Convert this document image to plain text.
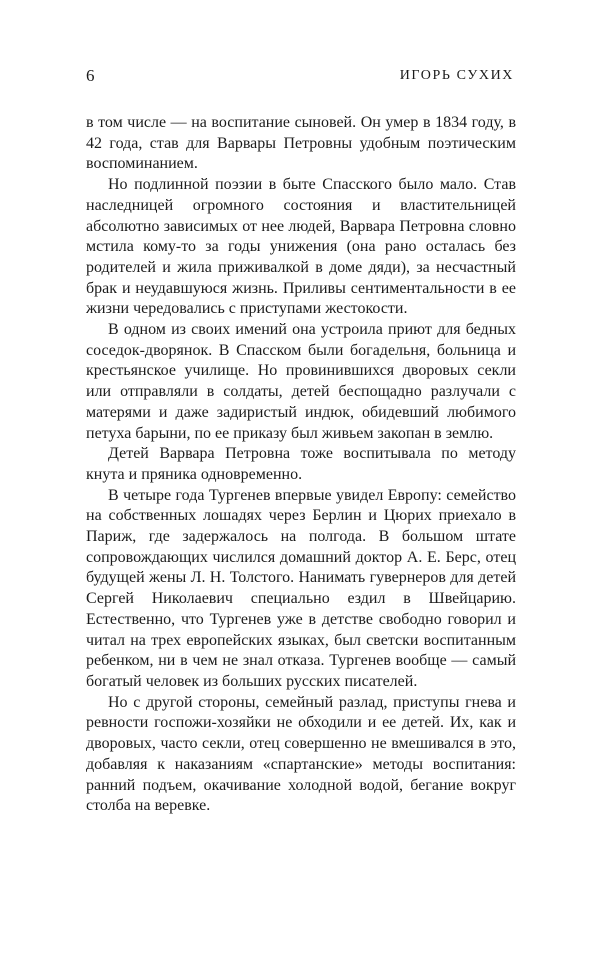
6	ИГОРЬ СУХИХ

в том числе — на воспитание сыновей. Он умер в 1834 году, в 42 года, став для Варвары Петровны удобным поэтическим воспоминанием.

Но подлинной поэзии в быте Спасского было мало. Став наследницей огромного состояния и властительницей абсолютно зависимых от нее людей, Варвара Петровна словно мстила кому-то за годы унижения (она рано осталась без родителей и жила приживалкой в доме дяди), за несчастный брак и неудавшуюся жизнь. Приливы сентиментальности в ее жизни чередовались с приступами жестокости.

В одном из своих имений она устроила приют для бедных соседок-дворянок. В Спасском были богадельня, больница и крестьянское училище. Но провинившихся дворовых секли или отправляли в солдаты, детей беспощадно разлучали с матерями и даже задиристый индюк, обидевший любимого петуха барыни, по ее приказу был живьем закопан в землю.

Детей Варвара Петровна тоже воспитывала по методу кнута и пряника одновременно.

В четыре года Тургенев впервые увидел Европу: семейство на собственных лошадях через Берлин и Цюрих приехало в Париж, где задержалось на полгода. В большом штате сопровождающих числился домашний доктор А. Е. Берс, отец будущей жены Л. Н. Толстого. Нанимать гувернеров для детей Сергей Николаевич специально ездил в Швейцарию. Естественно, что Тургенев уже в детстве свободно говорил и читал на трех европейских языках, был светски воспитанным ребенком, ни в чем не знал отказа. Тургенев вообще — самый богатый человек из больших русских писателей.

Но с другой стороны, семейный разлад, приступы гнева и ревности госпожи-хозяйки не обходили и ее детей. Их, как и дворовых, часто секли, отец совершенно не вмешивался в это, добавляя к наказаниям «спартанские» методы воспитания: ранний подъем, окачивание холодной водой, бегание вокруг столба на веревке.
